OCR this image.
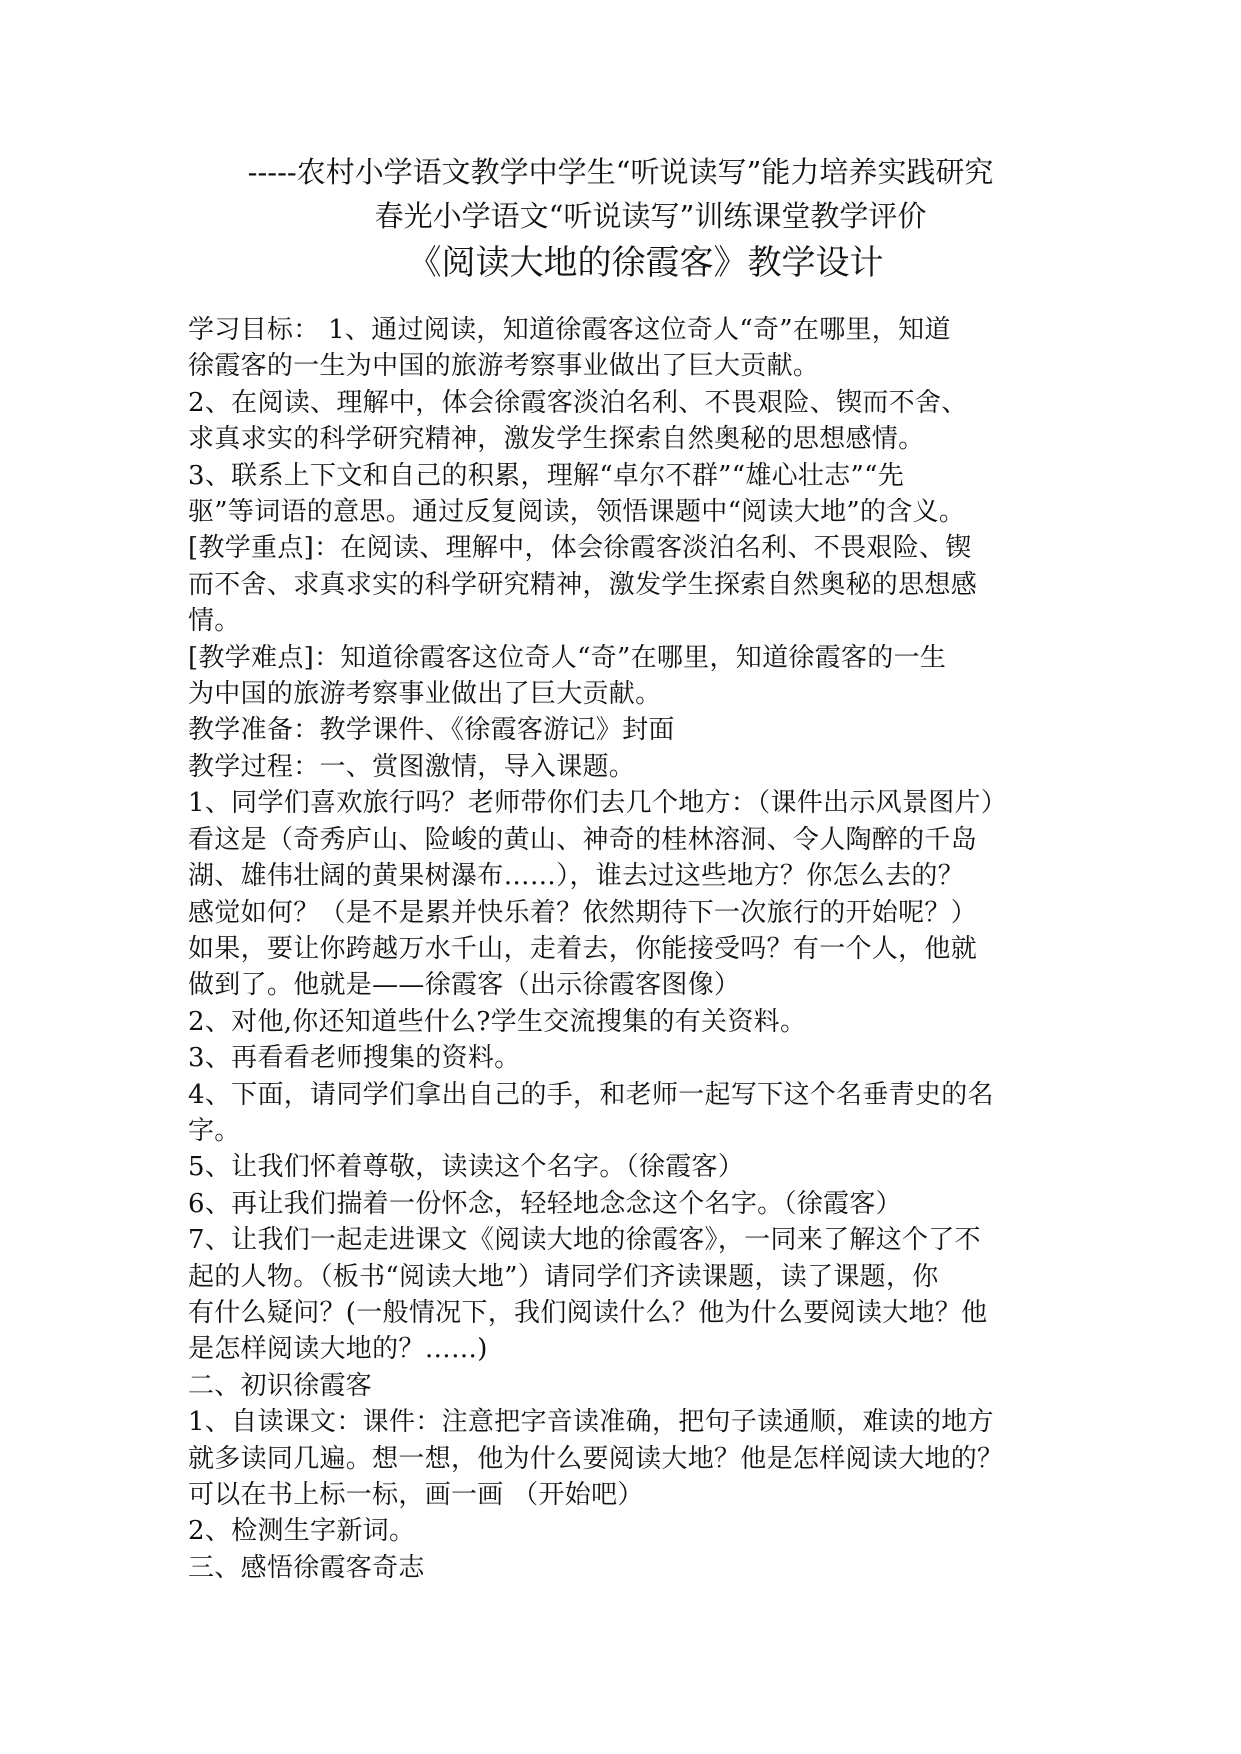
-----农村小学语文教学中学生“听说读写”能力培养实践研究
春光小学语文“听说读写”训练课堂教学评价
《阅读大地的徐霞客》教学设计

学习目标： 1、通过阅读，知道徐霞客这位奇人“奇”在哪里，知道

徐霞客的一生为中国的旅游考察事业做出了巨大贡献。

2、在阅读、理解中，体会徐霞客淡泊名利、不畏艰险、锲而不舍、

求真求实的科学研究精神，激发学生探索自然奥秘的思想感情。

3、联系上下文和自己的积累，理解“卓尔不群”“雄心壮志”“先

驱”等词语的意思。通过反复阅读，领悟课题中“阅读大地”的含义。

[教学重点]：在阅读、理解中，体会徐霞客淡泊名利、不畏艰险、锲

而不舍、求真求实的科学研究精神，激发学生探索自然奥秘的思想感

情。

[教学难点]：知道徐霞客这位奇人“奇”在哪里，知道徐霞客的一生

为中国的旅游考察事业做出了巨大贡献。

教学准备：教学课件、《徐霞客游记》封面

教学过程：一、赏图激情，导入课题。

1、同学们喜欢旅行吗？老师带你们去几个地方：（课件出示风景图片）

看这是（奇秀庐山、险峻的黄山、神奇的桂林溶洞、令人陶醉的千岛

湖、雄伟壮阔的黄果树瀑布……），谁去过这些地方？你怎么去的？

感觉如何？（是不是累并快乐着？依然期待下一次旅行的开始呢？）

如果，要让你跨越万水千山，走着去，你能接受吗？有一个人，他就

做到了。他就是——徐霞客（出示徐霞客图像）

2、对他,你还知道些什么?学生交流搜集的有关资料。

3、再看看老师搜集的资料。

4、下面，请同学们拿出自己的手，和老师一起写下这个名垂青史的名

字。

5、让我们怀着尊敬，读读这个名字。（徐霞客）

6、再让我们揣着一份怀念，轻轻地念念这个名字。（徐霞客）

7、让我们一起走进课文《阅读大地的徐霞客》，一同来了解这个了不

起的人物。（板书“阅读大地”）请同学们齐读课题，读了课题，你

有什么疑问？(一般情况下，我们阅读什么？他为什么要阅读大地？他

是怎样阅读大地的？……)

二、初识徐霞客

1、自读课文：课件：注意把字音读准确，把句子读通顺，难读的地方

就多读同几遍。想一想，他为什么要阅读大地？他是怎样阅读大地的？

可以在书上标一标，画一画 （开始吧）

2、检测生字新词。

三、感悟徐霞客奇志
